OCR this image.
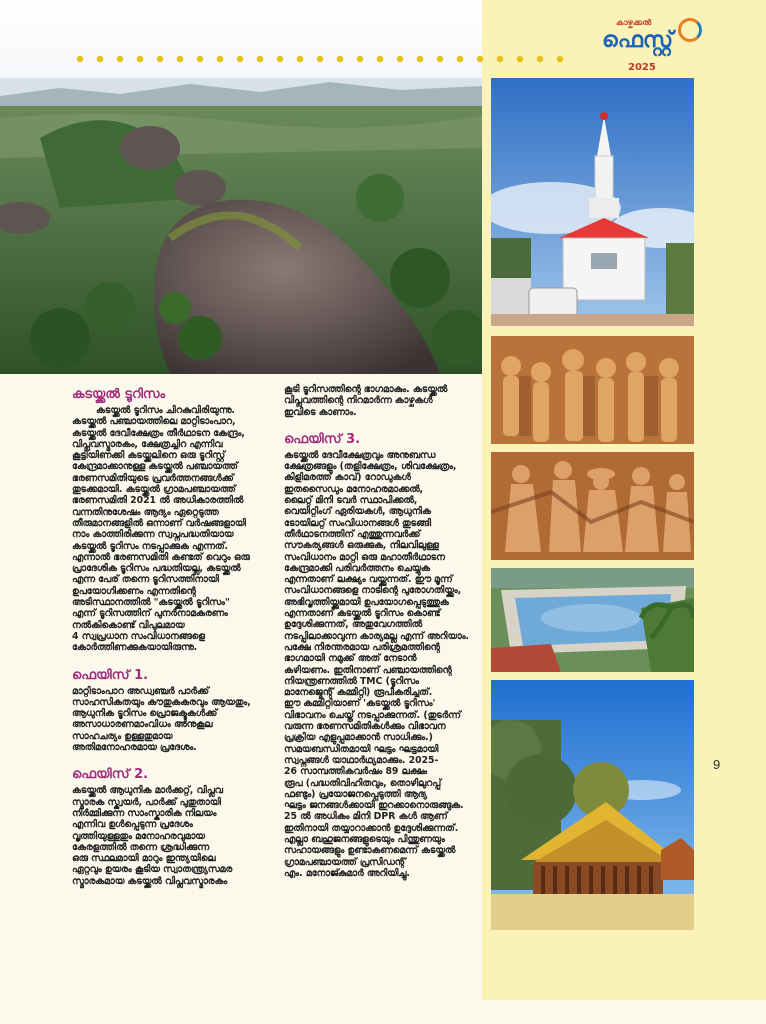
കാഴ്ചക്കൽ
ഫെസ്റ്റ്
2025
കടയ്ക്കൽ ടൂറിസം

കടയ്ക്കൽ ടൂറിസം ചിറകുവിരിയുന്നു.

കടയ്ക്കൽ പഞ്ചായത്തിലെ മാറ്റിടാംപാറ,

കടയ്ക്കൽ ദേവീക്ഷേത്രം തീർഥാടന കേന്ദ്രം,

വിപ്ലവസ്മാരകം, ക്ഷേത്രച്ചിറ എന്നിവ

കൂട്ടിയിണക്കി കടയ്ക്കലിനെ ഒരു ടൂറിസ്റ്റ്

കേന്ദ്രമാക്കാനുള്ള കടയ്ക്കൽ പഞ്ചായത്ത്

ഭരണസമിതിയുടെ പ്രവർത്തനങ്ങൾക്ക്

തുടക്കമായി. കടയ്ക്കൽ ഗ്രാമപഞ്ചായത്ത്

ഭരണസമിതി 2021 ൽ അധികാരത്തിൽ

വന്നതിനുശേഷം ആദ്യം ഏറ്റെടുത്ത

തീരുമാനങ്ങളിൽ ഒന്നാണ് വർഷങ്ങളായി

നാം കാത്തിരിക്കുന്ന സ്വപ്നപദ്ധതിയായ

കടയ്ക്കൽ ടൂറിസം നടപ്പാക്കുക എന്നത്.

എന്നാൽ ഭരണസമിതി കണ്ടത് വെറും ഒരു

പ്രാദേശിക ടൂറിസം പദ്ധതിയല്ല, കടയ്ക്കൽ

എന്ന പേര് തന്നെ ടൂറിസത്തിനായി

ഉപയോഗിക്കണം എന്നതിന്റെ

അടിസ്ഥാനത്തിൽ "കടയ്ക്കൽ ടൂറിസം"

എന്ന് ടൂറിസത്തിന് പുനർനാമകരണം

നൽകികൊണ്ട് വിപുലമായ

4 സ്വപ്രധാന സംവിധാനങ്ങളെ

കോർത്തിണക്കുകയായിരുന്നു.

ഫെയിസ് 1.

മാറ്റിടാംപാറ അഡ്വഞ്ചർ പാർക്ക്

സാഹസികതയും കൗതുകകരവും ആയതും,

ആധുനിക ടൂറിസം പ്രൊജക്ടുകൾക്ക്

അസാധാരണമാംവിധം അനുകൂല

സാഹചര്യം ഉള്ളതുമായ

അതിമനോഹരമായ പ്രദേശം.

ഫെയിസ് 2.

കടയ്ക്കൽ ആധുനിക മാർക്കറ്റ്, വിപ്ലവ

സ്മാരക സ്ക്വയർ, പാർക്ക് പുതുതായി

നിർമ്മിക്കുന്ന സാംസ്കാരിക നിലയം

എന്നിവ ഉൾപ്പെടുന്ന പ്രദേശം

വൃത്തിയുള്ളതും മനോഹരവുമായ

കേരളത്തിൽ തന്നെ ശ്രദ്ധിക്കുന്ന

ഒരു സ്ഥലമായി മാറും ഇന്ത്യയിലെ

ഏറ്റവും ഉയരം കൂടിയ സ്വാതന്ത്ര്യസമര

സ്മാരകമായ കടയ്ക്കൽ വിപ്ലവസ്മാരകം

കൂടി ടൂറിസത്തിന്റെ ഭാഗമാകും. കടയ്ക്കൽ

വിപ്ലവത്തിന്റെ നിറമാർന്ന കാഴ്ചകൾ

ഇവിടെ കാണാം.

ഫെയിസ് 3.

കടയ്ക്കൽ ദേവീക്ഷേത്രവും അനുബന്ധ

ക്ഷേത്രങ്ങളും (തളിക്ഷേത്രം, ശിവക്ഷേത്രം,

കിളിമരത്ത് കാവ്) റോഡുകൾ

ഇതസൈഡും മനോഹരമാക്കൽ,

ലൈറ്റ് മിനി ടവർ സ്ഥാപിക്കൽ,

വെയിറ്റിംഗ് ഏരിയകൾ, ആധുനിക

ടോയിലറ്റ് സംവിധാനങ്ങൾ തുടങ്ങി

തീർഥാടനത്തിന് എത്തുന്നവർക്ക്

സൗകര്യങ്ങൾ ഒരുക്കുക, നിലവിലുള്ള

സംവിധാനം മാറ്റി ഒരു മഹാതീർഥാടന

കേന്ദ്രമാക്കി പരിവർത്തനം ചെയ്യുക

എന്നതാണ് ലക്ഷ്യം വയ്ക്കുന്നത്. ഈ മൂന്ന്

സംവിധാനങ്ങളെ നാടിന്റെ പുരോഗതിയ്ക്കും,

അഭിവൃത്തിയ്ക്കുമായി ഉപയോഗപ്പെടുത്തുക

എന്നതാണ് കടയ്ക്കൽ ടൂറിസം കൊണ്ട്

ഉദ്ദേശിക്കുന്നത്, അതുവേഗത്തിൽ

നടപ്പിലാക്കാവുന്ന കാര്യമല്ല എന്ന് അറിയാം.

പക്ഷേ നിരന്തരമായ പരിശ്രമത്തിന്റെ

ഭാഗമായി നമുക്ക് അത് നേടാൻ

കഴിയണം. ഇതിനാണ് പഞ്ചായത്തിന്റെ

നിയന്ത്രണത്തിൽ TMC (ടൂറിസം

മാനേജ്മെന്റ് കമ്മിറ്റി) രൂപീകരിച്ചത്.

ഈ കമ്മിറ്റിയാണ് 'കടയ്ക്കൽ ടൂറിസം'

വിഭാവനം ചെയ്ത് നടപ്പാക്കുന്നത്. (തുടർന്ന്

വരുന്ന ഭരണസമിതികൾക്കും വിഭാവന

പ്രക്രിയ എളുപ്പമാക്കാൻ സാധിക്കും.)

സമയബന്ധിതമായി ഘട്ടം ഘട്ടമായി

സ്വപ്നങ്ങൾ യാഥാർഥ്യമാക്കും. 2025-

26 സാമ്പത്തികവർഷം 89 ലക്ഷം

രൂപ (പദ്ധതിവിഹിതവും, തൊഴിലുറപ്പ്

ഫണ്ടും) പ്രയോജനപ്പെടുത്തി ആദ്യ

ഘട്ടം ജനങ്ങൾക്കായി ഇറക്കാനൊരുങ്ങുക.

25 ൽ അധികം മിനി DPR കൾ ആണ്

ഇതിനായി തയ്യാറാക്കാൻ ഉദ്ദേശിക്കുന്നത്.

എല്ലാ ബഹുജനങ്ങളുടെയും പിന്തുണയും

സഹായങ്ങളും ഉണ്ടാകണമെന്ന് കടയ്ക്കൽ

ഗ്രാമപഞ്ചായത്ത് പ്രസിഡന്റ്

എം. മനോജ്കുമാർ അറിയിച്ചു.

9
